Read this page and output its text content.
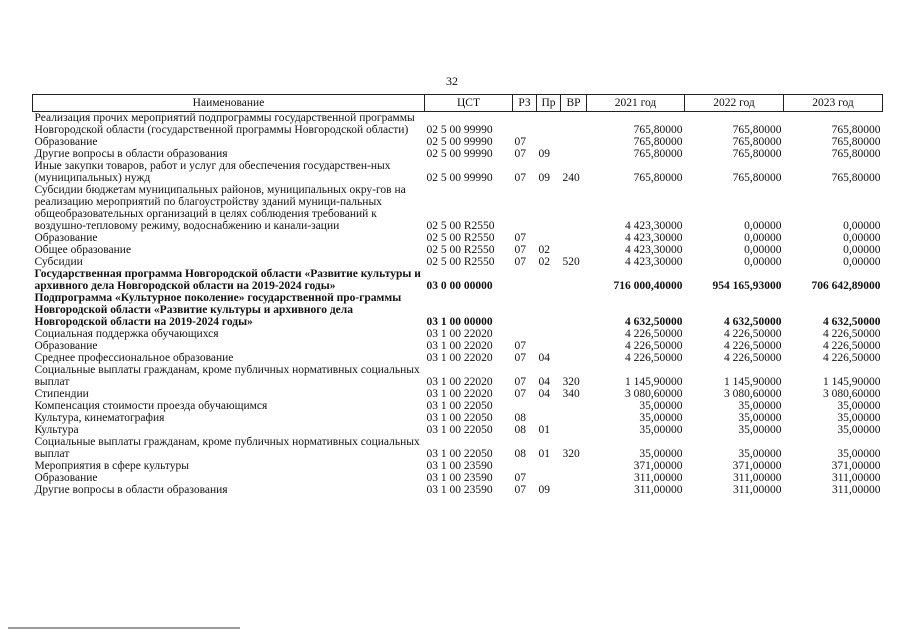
32
Наименование	ЦСТ	РЗ	Пр	ВР	2021 год	2022 год	2023 год
Реализация прочих мероприятий подпрограммы государственной программы Новгородской области (государственной программы Новгородской области)	02 5 00 99990				765,80000	765,80000	765,80000
Образование	02 5 00 99990	07			765,80000	765,80000	765,80000
Другие вопросы в области образования	02 5 00 99990	07	09		765,80000	765,80000	765,80000
Иные закупки товаров, работ и услуг для обеспечения государствен-ных (муниципальных) нужд	02 5 00 99990	07	09	240	765,80000	765,80000	765,80000
Субсидии бюджетам муниципальных районов, муниципальных окру-гов на реализацию мероприятий по благоустройству зданий муници-пальных общеобразовательных организаций в целях соблюдения требований к воздушно-тепловому режиму, водоснабжению и канали-зации	02 5 00 R2550				4 423,30000	0,00000	0,00000
Образование	02 5 00 R2550	07			4 423,30000	0,00000	0,00000
Общее образование	02 5 00 R2550	07	02		4 423,30000	0,00000	0,00000
Субсидии	02 5 00 R2550	07	02	520	4 423,30000	0,00000	0,00000
Государственная программа Новгородской области «Развитие культуры и архивного дела Новгородской области на 2019-2024 годы»	03 0 00 00000				716 000,40000	954 165,93000	706 642,89000
Подпрограмма «Культурное поколение» государственной про-граммы Новгородской области «Развитие культуры и архивного дела Новгородской области на 2019-2024 годы»	03 1 00 00000				4 632,50000	4 632,50000	4 632,50000
Социальная поддержка обучающихся	03 1 00 22020				4 226,50000	4 226,50000	4 226,50000
Образование	03 1 00 22020	07			4 226,50000	4 226,50000	4 226,50000
Среднее профессиональное образование	03 1 00 22020	07	04		4 226,50000	4 226,50000	4 226,50000
Социальные выплаты гражданам, кроме публичных нормативных социальных выплат	03 1 00 22020	07	04	320	1 145,90000	1 145,90000	1 145,90000
Стипендии	03 1 00 22020	07	04	340	3 080,60000	3 080,60000	3 080,60000
Компенсация стоимости проезда обучающимся	03 1 00 22050				35,00000	35,00000	35,00000
Культура, кинематография	03 1 00 22050	08			35,00000	35,00000	35,00000
Культура	03 1 00 22050	08	01		35,00000	35,00000	35,00000
Социальные выплаты гражданам, кроме публичных нормативных социальных выплат	03 1 00 22050	08	01	320	35,00000	35,00000	35,00000
Мероприятия в сфере культуры	03 1 00 23590				371,00000	371,00000	371,00000
Образование	03 1 00 23590	07			311,00000	311,00000	311,00000
Другие вопросы в области образования	03 1 00 23590	07	09		311,00000	311,00000	311,00000
